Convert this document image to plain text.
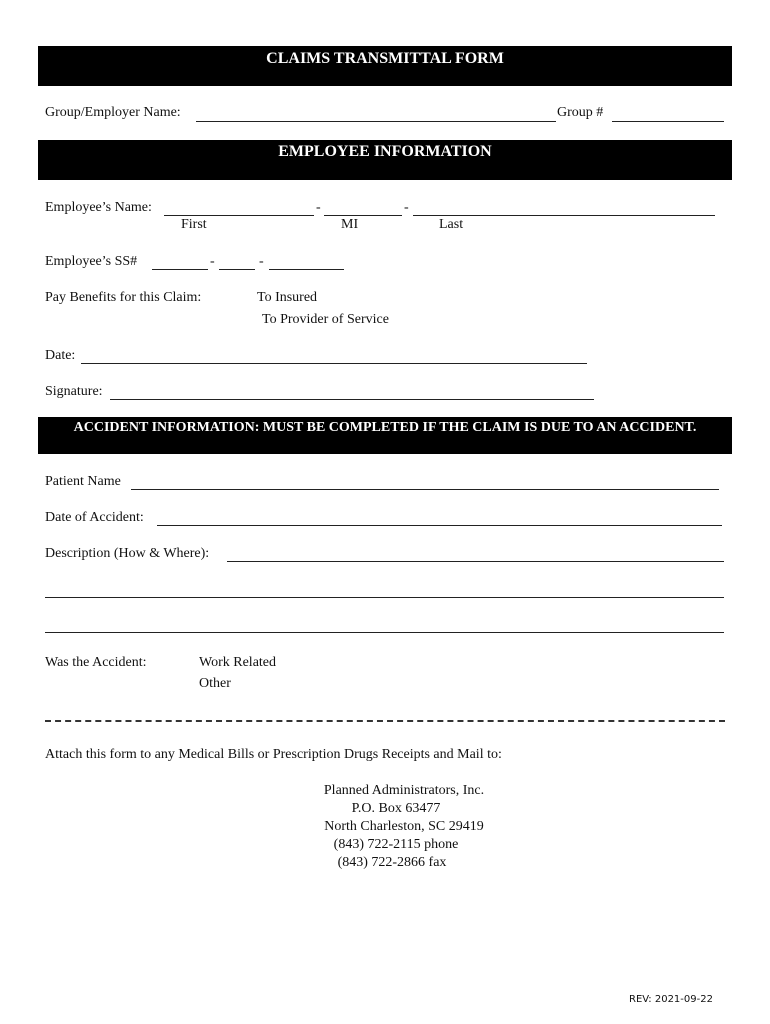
CLAIMS TRANSMITTAL FORM
Group/Employer Name:	Group #
EMPLOYEE INFORMATION
Employee’s Name:	-	-
First	MI	Last
Employee’s SS#	-	-
Pay Benefits for this Claim:	To Insured
To Provider of Service
Date:
Signature:
ACCIDENT INFORMATION: MUST BE COMPLETED IF THE CLAIM IS DUE TO AN ACCIDENT.
Patient Name
Date of Accident:
Description (How & Where):
Was the Accident:	Work Related
Other
Attach this form to any Medical Bills or Prescription Drugs Receipts and Mail to:
Planned Administrators, Inc.
P.O. Box 63477
North Charleston, SC 29419
(843) 722-2115 phone
(843) 722-2866 fax
REV: 2021-09-22
